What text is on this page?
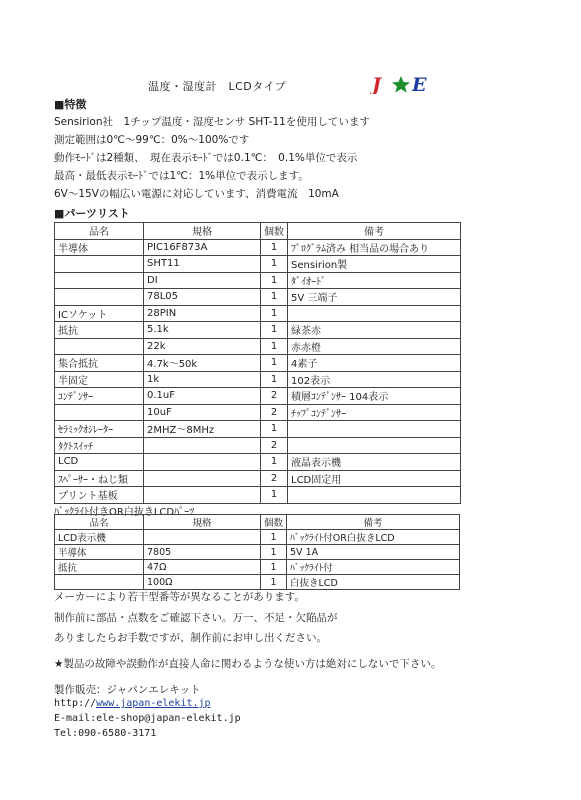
温度・湿度計　LCDタイプ	J E
■特徴
Sensirion社　1チップ温度・湿度センサ SHT-11を使用しています
測定範囲は0℃～99℃：0%～100%です
動作ﾓｰﾄﾞは2種類、　現在表示ﾓｰﾄﾞでは0.1℃：　0.1%単位で表示
最高・最低表示ﾓｰﾄﾞでは1℃：1%単位で表示します。
6V～15Vの幅広い電源に対応しています、消費電流　10mA
■パーツリスト
品名	規格	個数	備考
半導体	PIC16F873A	1	ﾌﾟﾛｸﾞﾗﾑ済み 相当品の場合あり
	SHT11	1	Sensirion製
	DI	1	ﾀﾞｲｵｰﾄﾞ
	78L05	1	5V 三端子
ICソケット	28PIN	1	
抵抗	5.1k	1	緑茶赤
	22k	1	赤赤橙
集合抵抗	4.7k～50k	1	4素子
半固定	1k	1	102表示
ｺﾝﾃﾞﾝｻｰ	0.1uF	2	積層ｺﾝﾃﾞﾝｻｰ 104表示
	10uF	2	ﾁｯﾌﾟｺﾝﾃﾞﾝｻｰ
ｾﾗﾐｯｸｵｼﾚｰﾀｰ	2MHZ～8MHz	1	
ﾀｸﾄｽｲｯﾁ		2	
LCD		1	液晶表示機
ｽﾍﾟｰｻｰ・ねじ類		2	LCD固定用
プリント基板		1	
ﾊﾞｯｸﾗｲﾄ付きOR白抜きLCDﾊﾟｰﾂ
品名	規格	個数	備考
LCD表示機		1	ﾊﾞｯｸﾗｲﾄ付OR白抜きLCD
半導体	7805	1	5V 1A
抵抗	47Ω	1	ﾊﾞｯｸﾗｲﾄ付
	100Ω	1	白抜きLCD
メーカーにより若干型番等が異なることがあります。
制作前に部品・点数をご確認下さい。万一、不足・欠陥品が
ありましたらお手数ですが、制作前にお申し出ください。
★製品の故障や誤動作が直接人命に関わるような使い方は絶対にしないで下さい。
製作販売：ジャパンエレキット
http://www.japan-elekit.jp
E-mail:ele-shop@japan-elekit.jp
Tel:090-6580-3171
